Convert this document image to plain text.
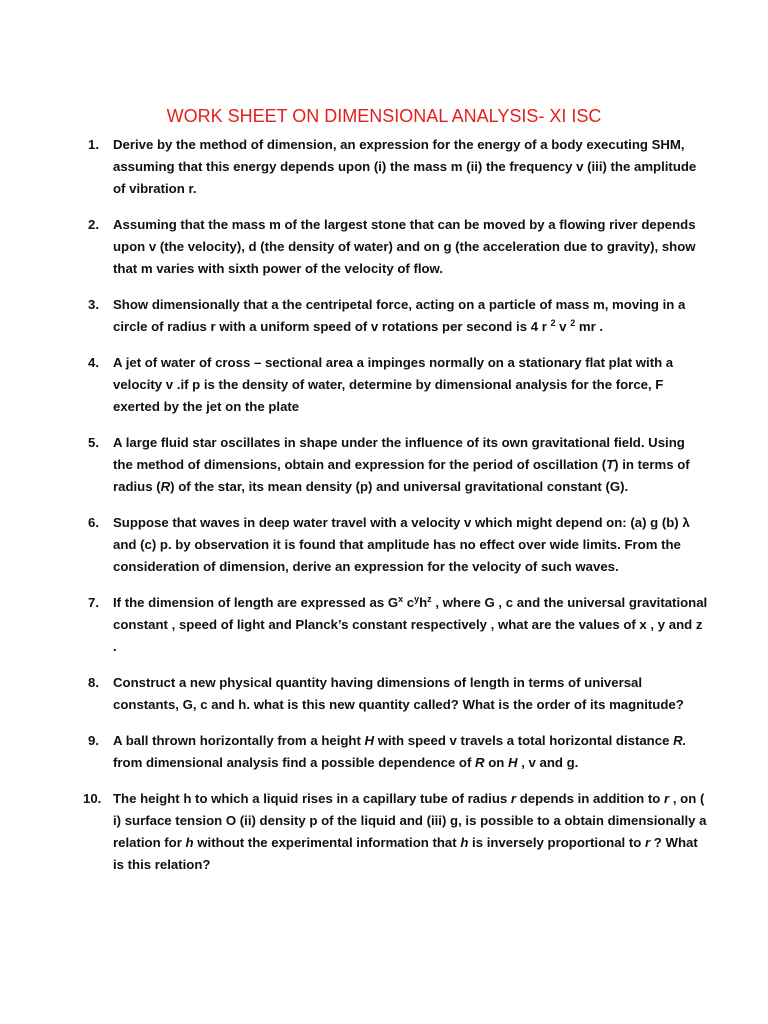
WORK SHEET ON DIMENSIONAL ANALYSIS- XI ISC
1.	Derive by the method of dimension, an expression for the energy of a body executing SHM, assuming that this energy depends upon (i) the mass m (ii) the frequency v (iii) the amplitude of vibration r.
2.	Assuming that the mass m of the largest stone that can be moved by a flowing river depends upon v (the velocity), d (the density of water) and on g (the acceleration due to gravity), show that m varies with sixth power of the velocity of flow.
3.	Show dimensionally that a the centripetal force, acting on a particle of mass m, moving in a circle of radius r with a uniform speed of v rotations per second is 4 r $^2$ v $^2$ mr .
4.	A jet of water of cross – sectional area a impinges normally on a stationary flat plat with a velocity v .if p is the density of water, determine by dimensional analysis for the force, F exerted by the jet on the plate
5.	A large fluid star oscillates in shape under the influence of its own gravitational field. Using the method of dimensions, obtain and expression for the period of oscillation (T) in terms of radius (R) of the star, its mean density (p) and universal gravitational constant (G).
6.	Suppose that waves in deep water travel with a velocity v which might depend on: (a) g (b) λ and (c) p. by observation it is found that amplitude has no effect over wide limits. From the consideration of dimension, derive an expression for the velocity of such waves.
7.	If the dimension of length are expressed as $G^x$ $c^yh^z$ , where G , c and the universal gravitational constant , speed of light and Planck’s constant respectively , what are the values of x , y and z .
8.	Construct a new physical quantity having dimensions of length in terms of universal constants, G, c and h. what is this new quantity called? What is the order of its magnitude?
9.	A ball thrown horizontally from a height H with speed v travels a total horizontal distance R. from dimensional analysis find a possible dependence of R on H , v and g.
10. The height h to which a liquid rises in a capillary tube of radius r depends in addition to r , on ( i) surface tension O (ii) density p of the liquid and (iii) g, is possible to a obtain dimensionally a relation for h without the experimental information that h is inversely proportional to r ? What is this relation?
